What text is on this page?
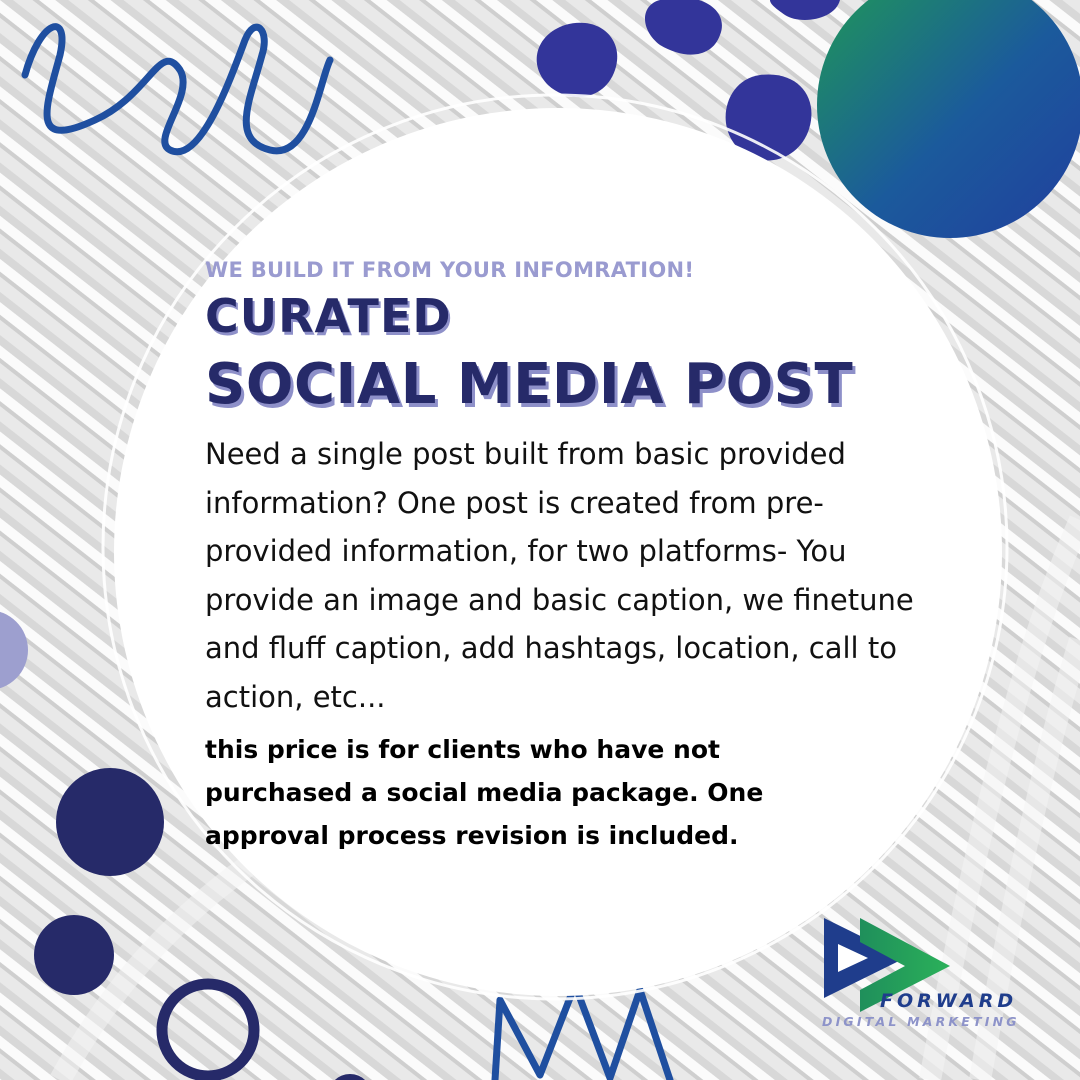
WE BUILD IT FROM YOUR INFOMRATION!
CURATED
SOCIAL MEDIA POST

Need a single post built from basic provided information? One post is created from pre-provided information, for two platforms- You provide an image and basic caption, we finetune and fluff caption, add hashtags, location, call to action, etc...

this price is for clients who have not purchased a social media package. One approval process revision is included.
FORWARD
DIGITAL MARKETING
